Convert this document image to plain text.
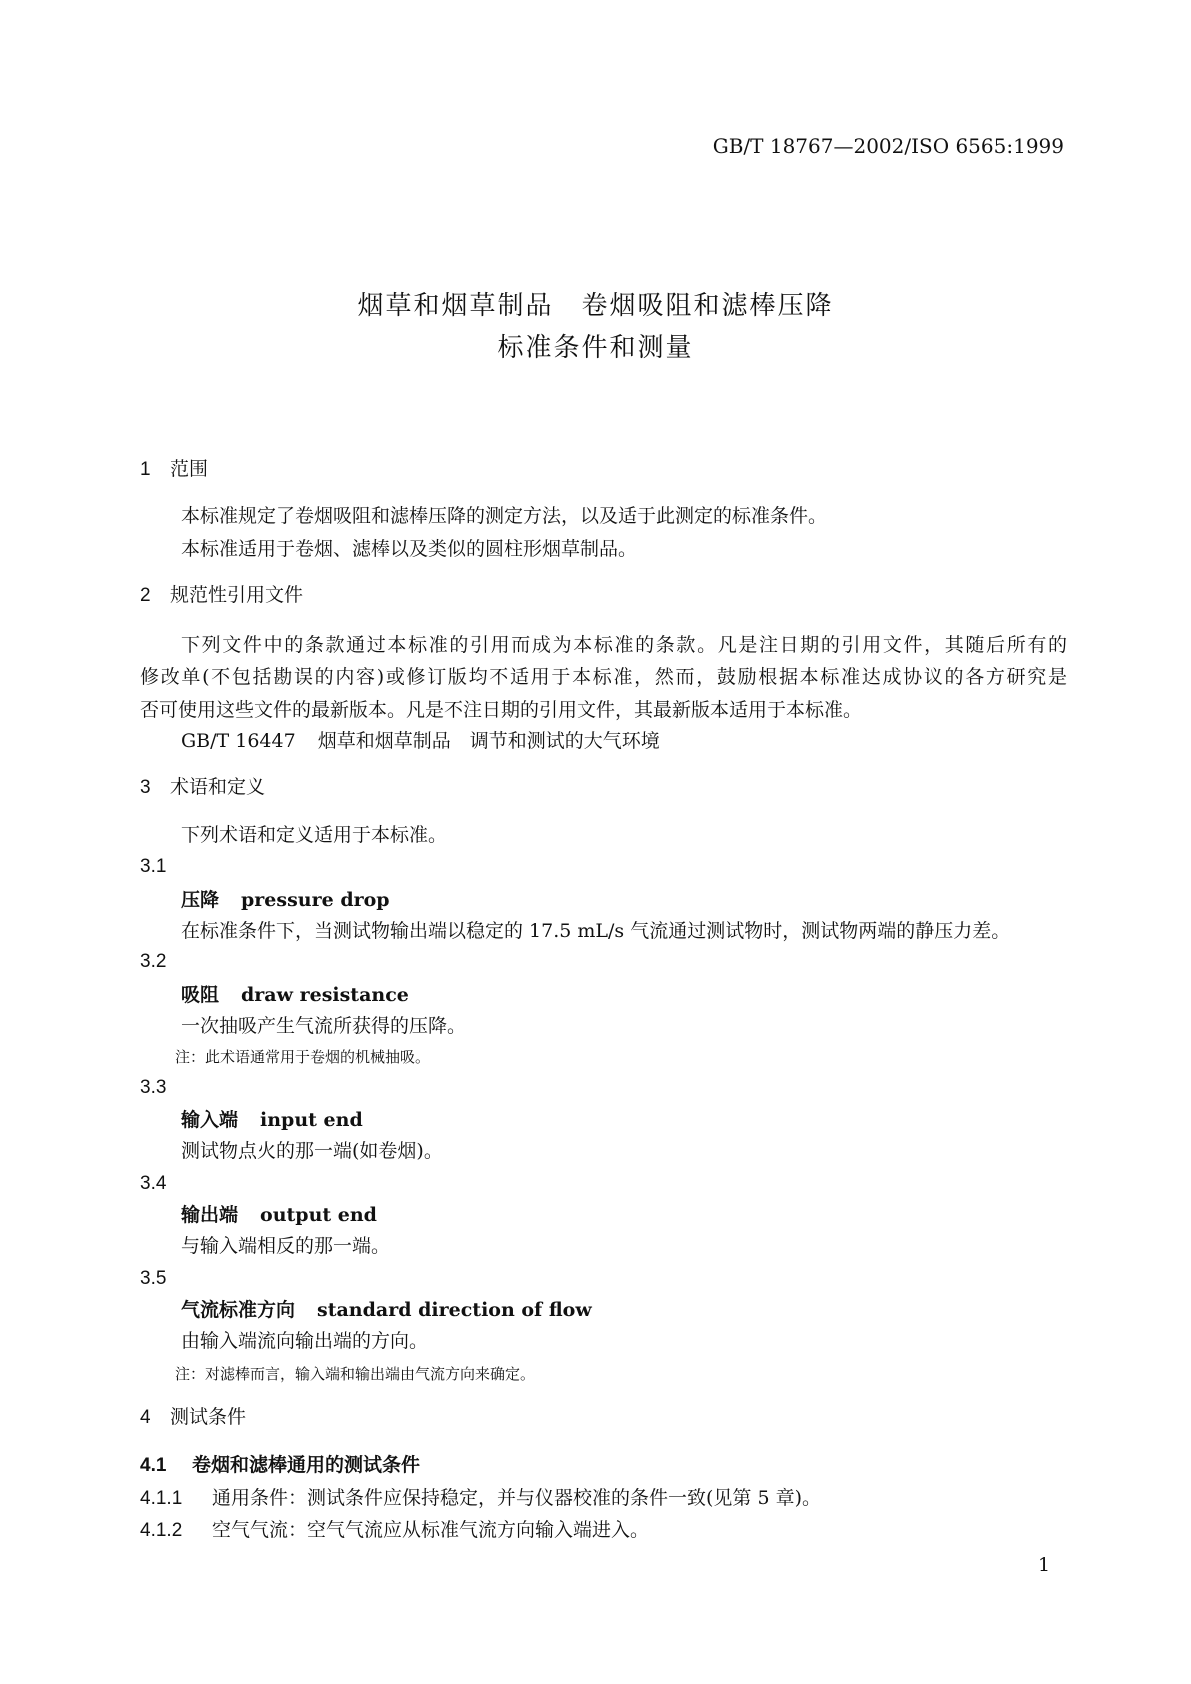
GB/T 18767—2002/ISO 6565:1999
烟草和烟草制品　卷烟吸阻和滤棒压降
标准条件和测量
1 范围
本标准规定了卷烟吸阻和滤棒压降的测定方法，以及适于此测定的标准条件。
本标准适用于卷烟、滤棒以及类似的圆柱形烟草制品。
2 规范性引用文件
下列文件中的条款通过本标准的引用而成为本标准的条款。凡是注日期的引用文件，其随后所有的
修改单(不包括勘误的内容)或修订版均不适用于本标准，然而，鼓励根据本标准达成协议的各方研究是
否可使用这些文件的最新版本。凡是不注日期的引用文件，其最新版本适用于本标准。
GB/T 16447 烟草和烟草制品　调节和测试的大气环境
3 术语和定义
下列术语和定义适用于本标准。
3.1
压降 pressure drop
在标准条件下，当测试物输出端以稳定的 17.5 mL/s 气流通过测试物时，测试物两端的静压力差。
3.2
吸阻 draw resistance
一次抽吸产生气流所获得的压降。
注：此术语通常用于卷烟的机械抽吸。
3.3
输入端 input end
测试物点火的那一端(如卷烟)。
3.4
输出端 output end
与输入端相反的那一端。
3.5
气流标准方向 standard direction of flow
由输入端流向输出端的方向。
注：对滤棒而言，输入端和输出端由气流方向来确定。
4 测试条件
4.1 卷烟和滤棒通用的测试条件
4.1.1 通用条件：测试条件应保持稳定，并与仪器校准的条件一致(见第 5 章)。
4.1.2 空气气流：空气气流应从标准气流方向输入端进入。
1
